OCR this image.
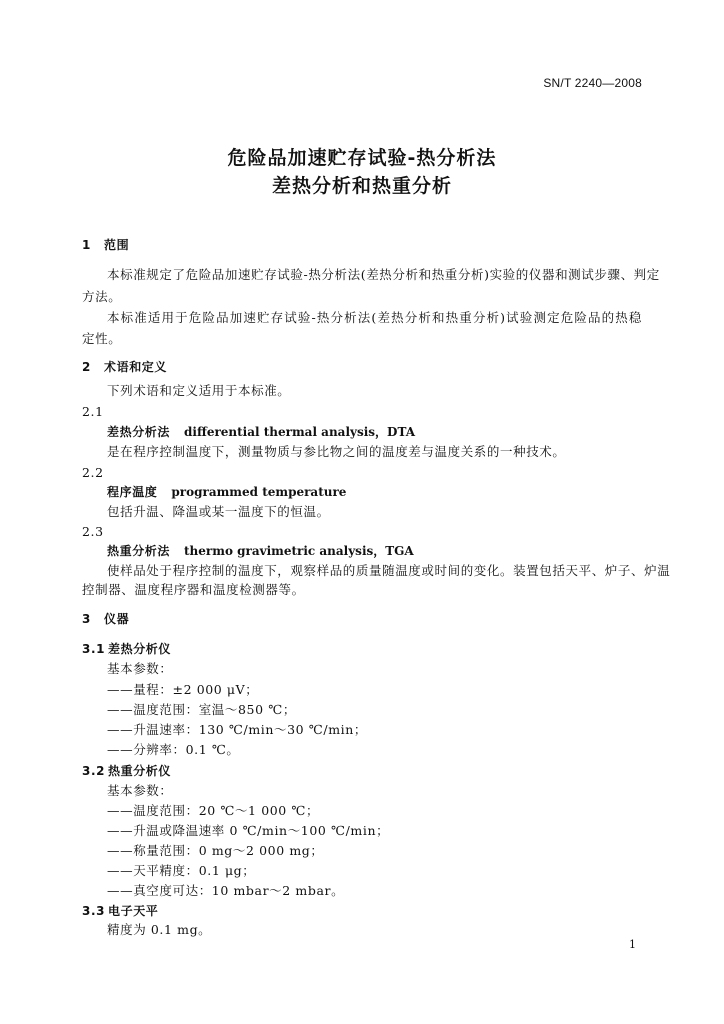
SN/T 2240—2008
危险品加速贮存试验-热分析法
差热分析和热重分析
1 范围
本标准规定了危险品加速贮存试验-热分析法(差热分析和热重分析)实验的仪器和测试步骤、判定
方法。
本标准适用于危险品加速贮存试验-热分析法(差热分析和热重分析)试验测定危险品的热稳
定性。
2 术语和定义
下列术语和定义适用于本标准。
2.1
差热分析法 differential thermal analysis，DTA
是在程序控制温度下，测量物质与参比物之间的温度差与温度关系的一种技术。
2.2
程序温度 programmed temperature
包括升温、降温或某一温度下的恒温。
2.3
热重分析法 thermo gravimetric analysis，TGA
使样品处于程序控制的温度下，观察样品的质量随温度或时间的变化。装置包括天平、炉子、炉温
控制器、温度程序器和温度检测器等。
3 仪器
3.1 差热分析仪
基本参数：
——量程：±2 000 μV；
——温度范围：室温～850 ℃；
——升温速率：130 ℃/min～30 ℃/min；
——分辨率：0.1 ℃。
3.2 热重分析仪
基本参数：
——温度范围：20 ℃～1 000 ℃；
——升温或降温速率 0 ℃/min～100 ℃/min；
——称量范围：0 mg～2 000 mg；
——天平精度：0.1 μg；
——真空度可达：10 mbar～2 mbar。
3.3 电子天平
精度为 0.1 mg。
1
